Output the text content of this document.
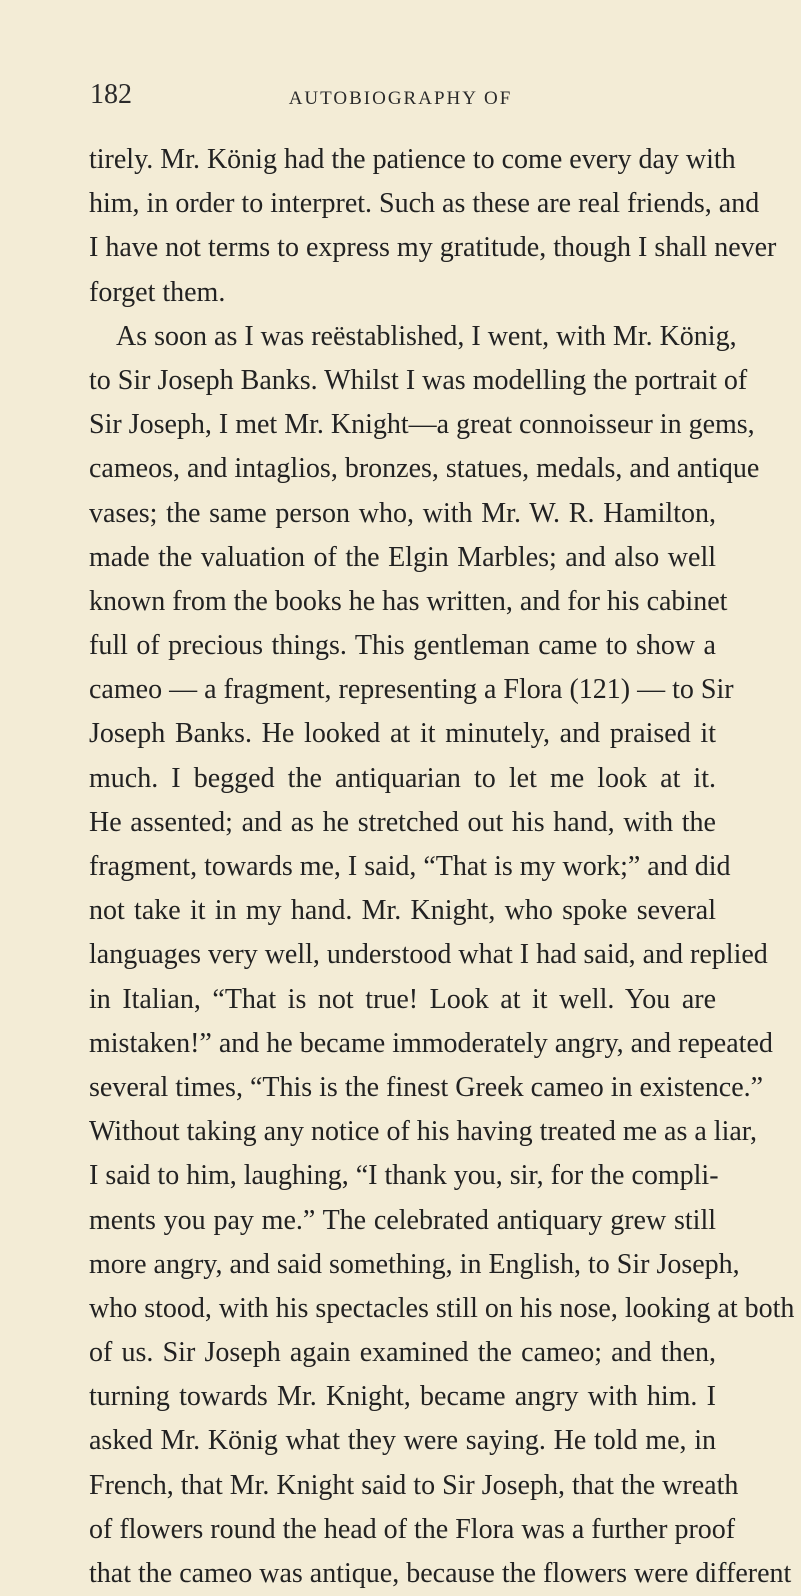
182	AUTOBIOGRAPHY OF
tirely. Mr. König had the patience to come every day with
him, in order to interpret. Such as these are real friends, and
I have not terms to express my gratitude, though I shall never
forget them.
As soon as I was reëstablished, I went, with Mr. König,
to Sir Joseph Banks. Whilst I was modelling the portrait of
Sir Joseph, I met Mr. Knight—a great connoisseur in gems,
cameos, and intaglios, bronzes, statues, medals, and antique
vases; the same person who, with Mr. W. R. Hamilton,
made the valuation of the Elgin Marbles; and also well
known from the books he has written, and for his cabinet
full of precious things. This gentleman came to show a
cameo — a fragment, representing a Flora (121) — to Sir
Joseph Banks. He looked at it minutely, and praised it
much. I begged the antiquarian to let me look at it.
He assented; and as he stretched out his hand, with the
fragment, towards me, I said, “That is my work;” and did
not take it in my hand. Mr. Knight, who spoke several
languages very well, understood what I had said, and replied
in Italian, “That is not true! Look at it well. You are
mistaken!” and he became immoderately angry, and repeated
several times, “This is the finest Greek cameo in existence.”
Without taking any notice of his having treated me as a liar,
I said to him, laughing, “I thank you, sir, for the compli-
ments you pay me.” The celebrated antiquary grew still
more angry, and said something, in English, to Sir Joseph,
who stood, with his spectacles still on his nose, looking at both
of us. Sir Joseph again examined the cameo; and then,
turning towards Mr. Knight, became angry with him. I
asked Mr. König what they were saying. He told me, in
French, that Mr. Knight said to Sir Joseph, that the wreath
of flowers round the head of the Flora was a further proof
that the cameo was antique, because the flowers were different
